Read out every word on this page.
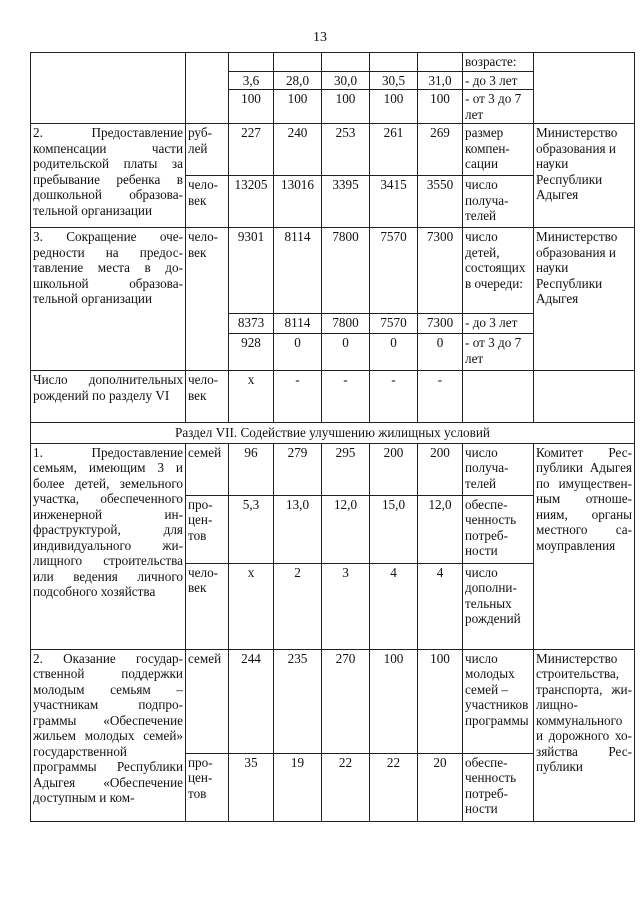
13
							возрасте:	
		3,6	28,0	30,0	30,5	31,0	- до 3 лет	
		100	100	100	100	100	- от 3 до 7 лет	
2. Предоставление компенсации части родительской платы за пребывание ребенка в дошкольной образовательной организации	рублей	227	240	253	261	269	размер компенсации	Министерство образования и науки Республики Адыгея
	человек	13205	13016	3395	3415	3550	число получателей	
3. Сокращение очередности на предоставление места в дошкольной образовательной организации	человек	9301	8114	7800	7570	7300	число детей, состоящих в очереди:	Министерство образования и науки Республики Адыгея
		8373	8114	7800	7570	7300	- до 3 лет	
		928	0	0	0	0	- от 3 до 7 лет	
Число дополнительных рождений по разделу VI	человек	х	-	-	-	-		
Раздел VII. Содействие улучшению жилищных условий								
1. Предоставление семьям, имеющим 3 и более детей, земельного участка, обеспеченного инженерной инфраструктурой, для индивидуального жилищного строительства или ведения личного подсобного хозяйства	семей	96	279	295	200	200	число получателей	Комитет Республики Адыгея по имущественным отношениям, органы местного самоуправления
	процентов	5,3	13,0	12,0	15,0	12,0	обеспеченность потребности	
	человек	х	2	3	4	4	число дополнительных рождений	
2. Оказание государственной поддержки молодым семьям – участникам подпрограммы «Обеспечение жильем молодых семей» государственной программы Республики Адыгея «Обеспечение доступным и ком-	семей	244	235	270	100	100	число молодых семей – участников программы	Министерство строительства, транспорта, жилищно-коммунального и дорожного хозяйства Республики
	процентов	35	19	22	22	20	обеспеченность потребности	
